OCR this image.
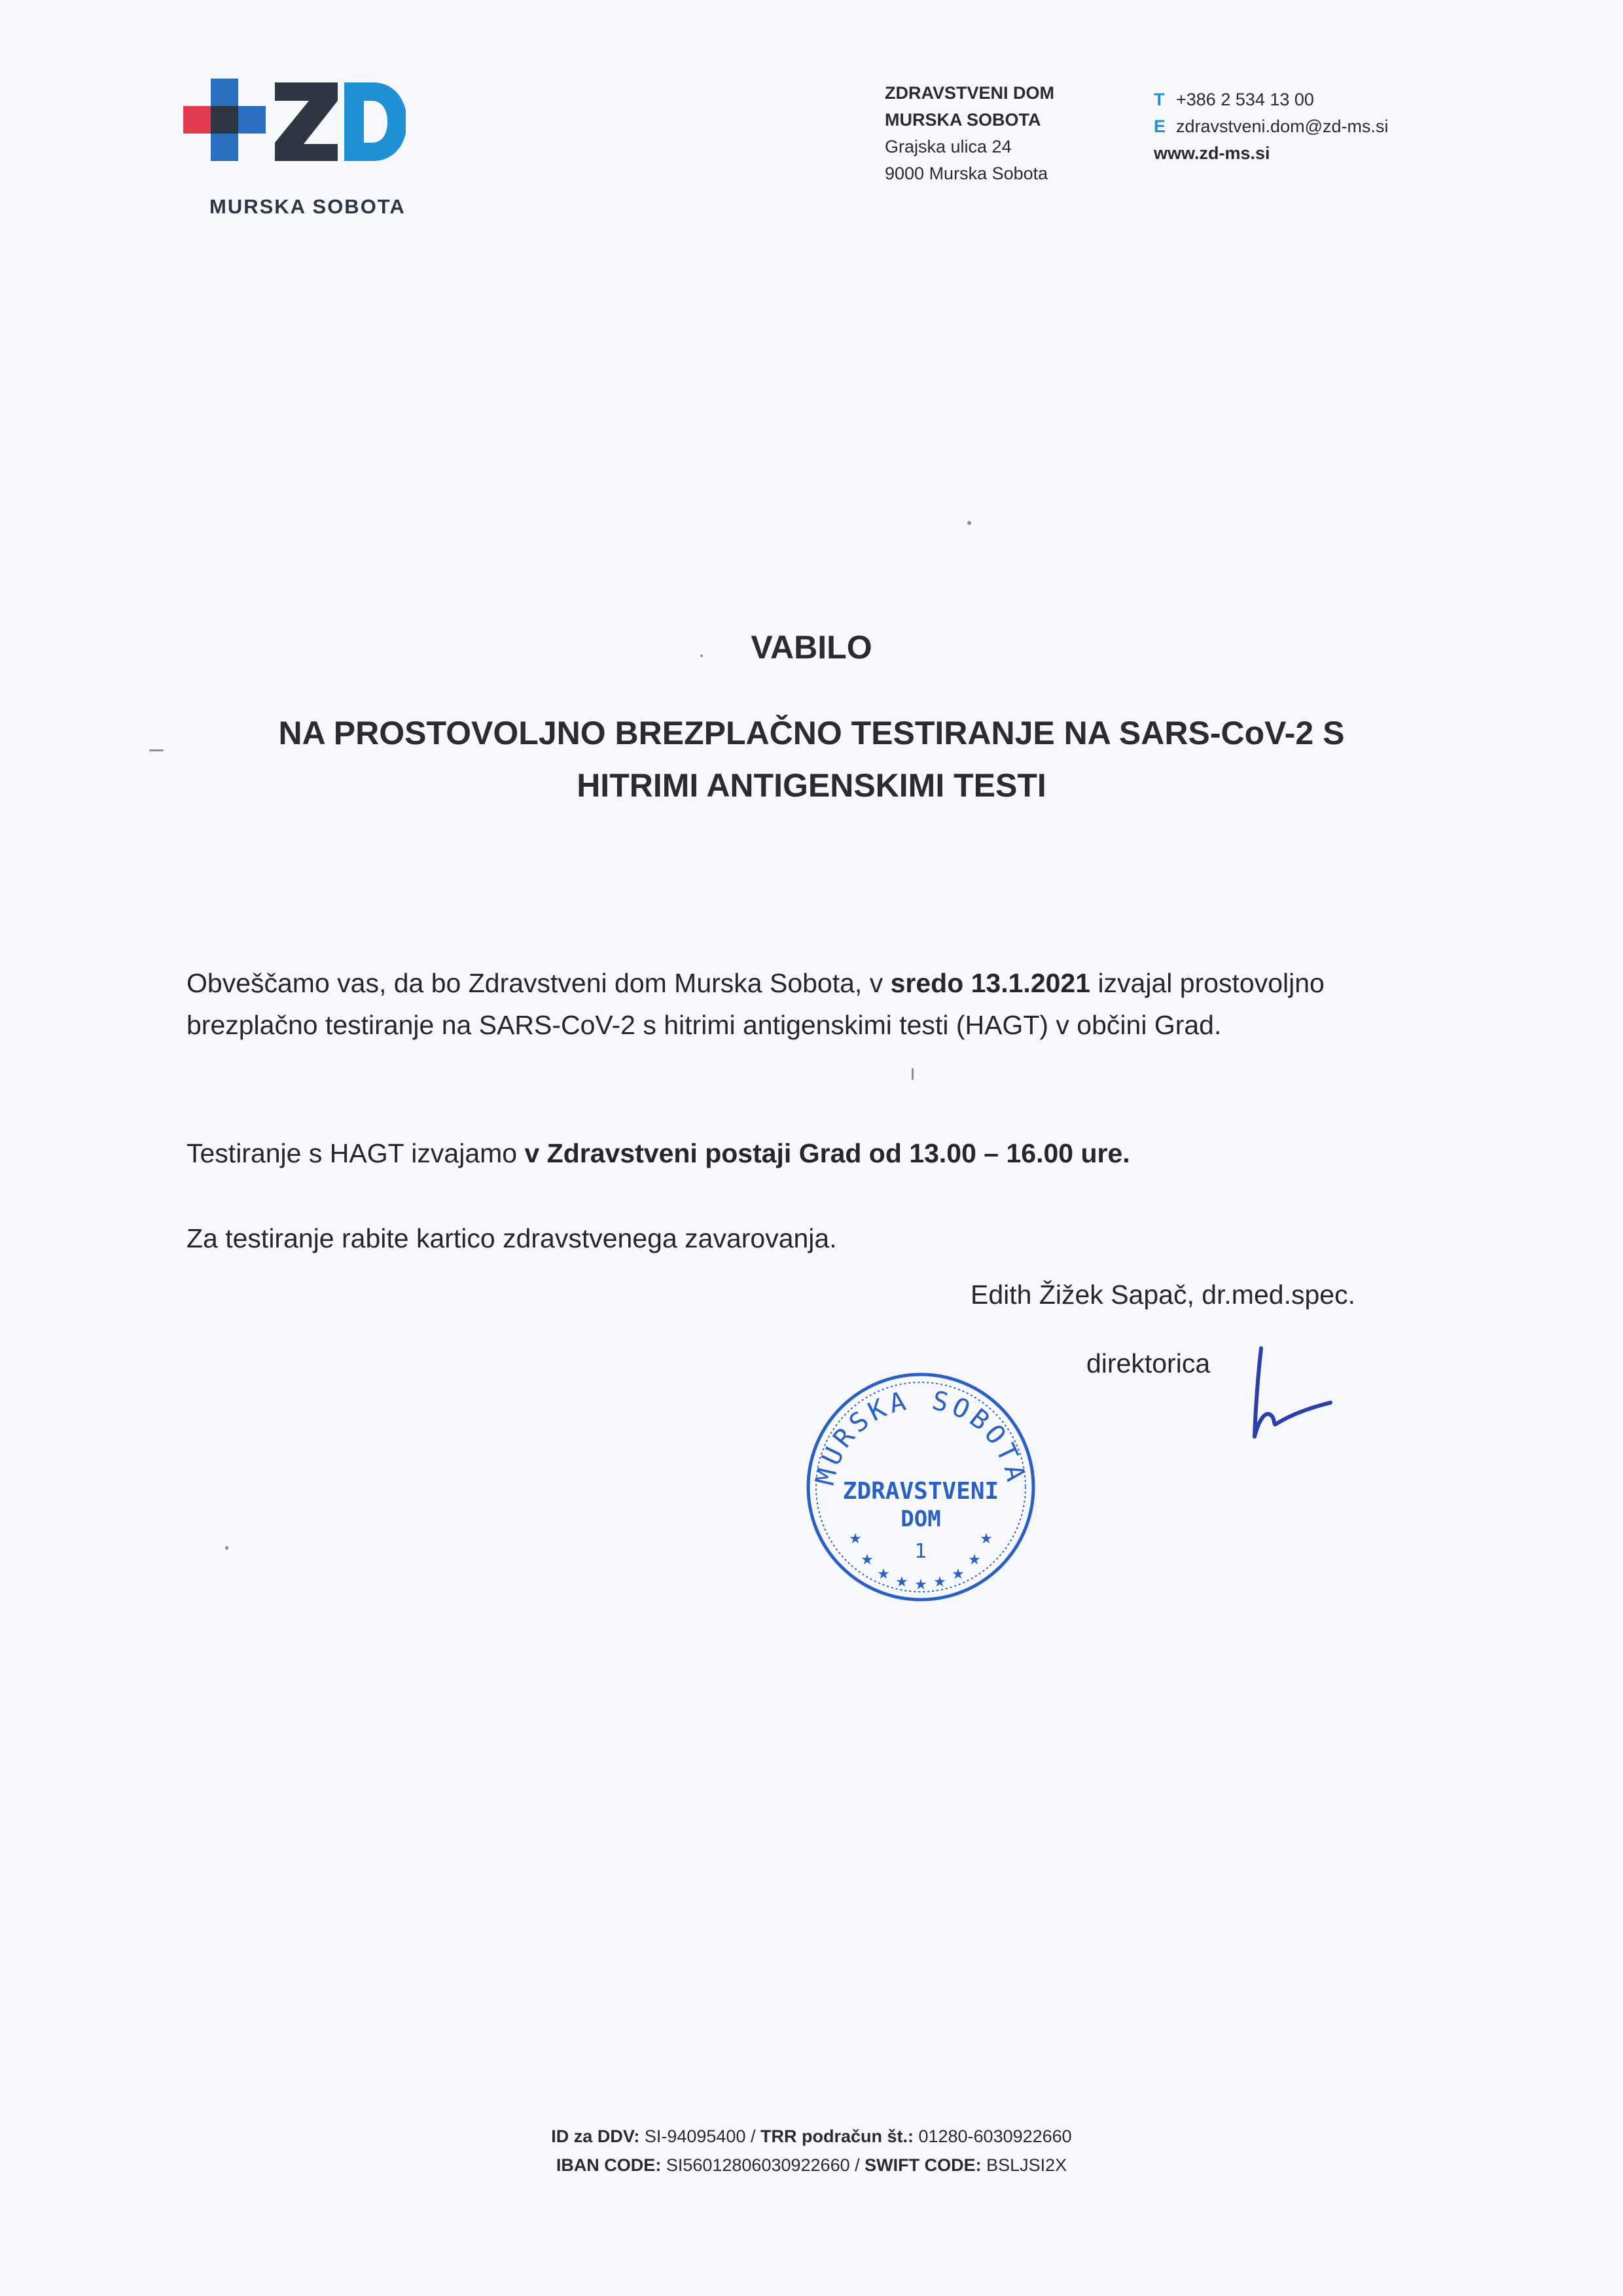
MURSKA SOBOTA
ZDRAVSTVENI DOM
MURSKA SOBOTA
Grajska ulica 24
9000 Murska Sobota
T +386 2 534 13 00
E zdravstveni.dom@zd-ms.si
www.zd-ms.si
VABILO
NA PROSTOVOLJNO BREZPLAČNO TESTIRANJE NA SARS-CoV-2 S
HITRIMI ANTIGENSKIMI TESTI
Obveščamo vas, da bo Zdravstveni dom Murska Sobota, v sredo 13.1.2021 izvajal prostovoljno brezplačno testiranje na SARS-CoV-2 s hitrimi antigenskimi testi (HAGT) v občini Grad.
Testiranje s HAGT izvajamo v Zdravstveni postaji Grad od 13.00 – 16.00 ure.
Za testiranje rabite kartico zdravstvenega zavarovanja.
Edith Žižek Sapač, dr.med.spec.
direktorica
MURSKA SOBOTA
ZDRAVSTVENI
DOM
1
★
★
★ ★ ★ ★ ★
★
★
ID za DDV: SI-94095400 / TRR podračun št.: 01280-6030922660
IBAN CODE: SI56012806030922660 / SWIFT CODE: BSLJSI2X
